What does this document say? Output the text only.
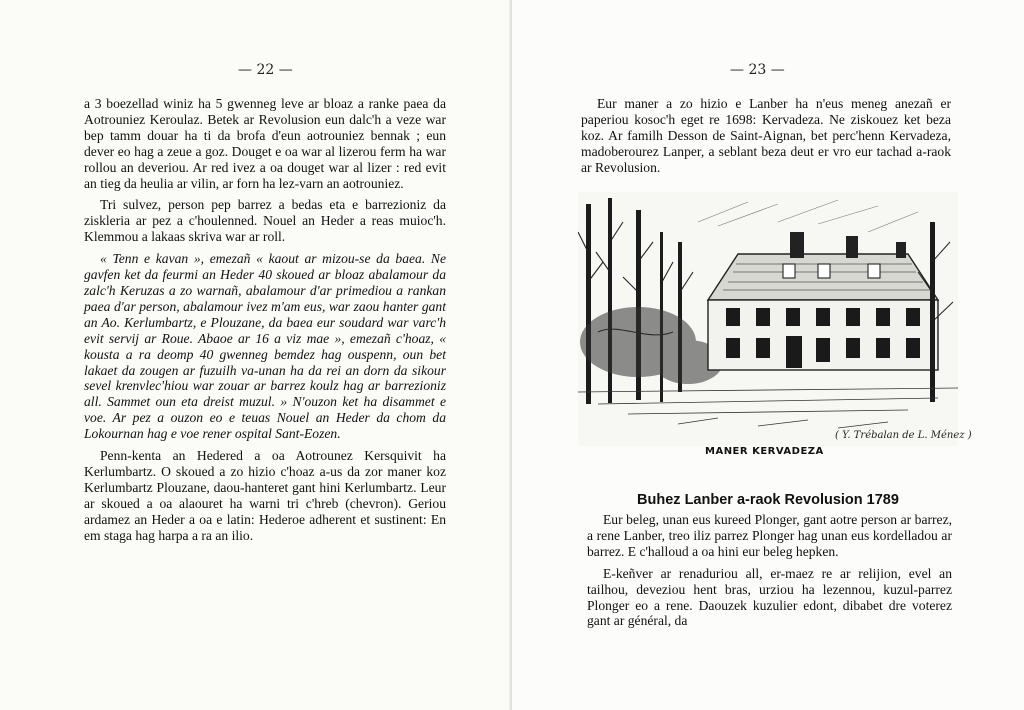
— 22 —

a 3 boezellad winiz ha 5 gwenneg leve ar bloaz a ranke paea da Aotrouniez Keroulaz. Betek ar Revolusion eun dalc'h a veze war bep tamm douar ha ti da brofa d'eun aotrouniez bennak ; eun dever eo hag a zeue a goz. Douget e oa war al lizerou ferm ha war rollou an deveriou. Ar red ivez a oa douget war al lizer : red evit an tieg da heulia ar vilin, ar forn ha lez-varn an aotrouniez.

Tri sulvez, person pep barrez a bedas eta e barrezioniz da ziskleria ar pez a c'houlenned. Nouel an Heder a reas muioc'h. Klemmou a lakaas skriva war ar roll.

« Tenn e kavan », emezañ « kaout ar mizou-se da baea. Ne gavfen ket da feurmi an Heder 40 skoued ar bloaz abalamour da zalc'h Keruzas a zo warnañ, abalamour d'ar primediou a rankan paea d'ar person, abalamour ivez m'am eus, war zaou hanter gant an Ao. Kerlumbartz, e Plouzane, da baea eur soudard war varc'h evit servij ar Roue. Abaoe ar 16 a viz mae », emezañ c'hoaz, « kousta a ra deomp 40 gwenneg bemdez hag ouspenn, oun bet lakaet da zougen ar fuzuilh va-unan ha da rei an dorn da sikour sevel krenvlec'hiou war zouar ar barrez koulz hag ar barrezioniz all. Sammet oun eta dreist muzul. » N'ouzon ket ha disammet e voe. Ar pez a ouzon eo e teuas Nouel an Heder da chom da Lokournan hag e voe rener ospital Sant-Eozen.

Penn-kenta an Hedered a oa Aotrounez Kersquivit ha Kerlumbartz. O skoued a zo hizio c'hoaz a-us da zor maner koz Kerlumbartz Plouzane, daou-hanteret gant hini Kerlumbartz. Leur ar skoued a oa alaouret ha warni tri c'hreb (chevron). Geriou ardamez an Heder a oa e latin: Hederoe adherent et sustinent: En em staga hag harpa a ra an ilio.

— 23 —

Eur maner a zo hizio e Lanber ha n'eus meneg anezañ er paperiou kosoc'h eget re 1698: Kervadeza. Ne ziskouez ket beza koz. Ar familh Desson de Saint-Aignan, bet perc'henn Kervadeza, madoberourez Lanper, a seblant beza deut er vro eur tachad a-raok ar Revolusion.

( Y. Trébalan de L. Ménez )
MANER KERVADEZA
Buhez Lanber a-raok Revolusion 1789

Eur beleg, unan eus kureed Plonger, gant aotre person ar barrez, a rene Lanber, treo iliz parrez Plonger hag unan eus kordelladou ar barrez. E c'halloud a oa hini eur beleg hepken.

E-keñver ar renaduriou all, er-maez re ar relijion, evel an tailhou, deveziou hent bras, urziou ha lezennou, kuzul-parrez Plonger eo a rene. Daouzek kuzulier edont, dibabet dre voterez gant ar général, da
